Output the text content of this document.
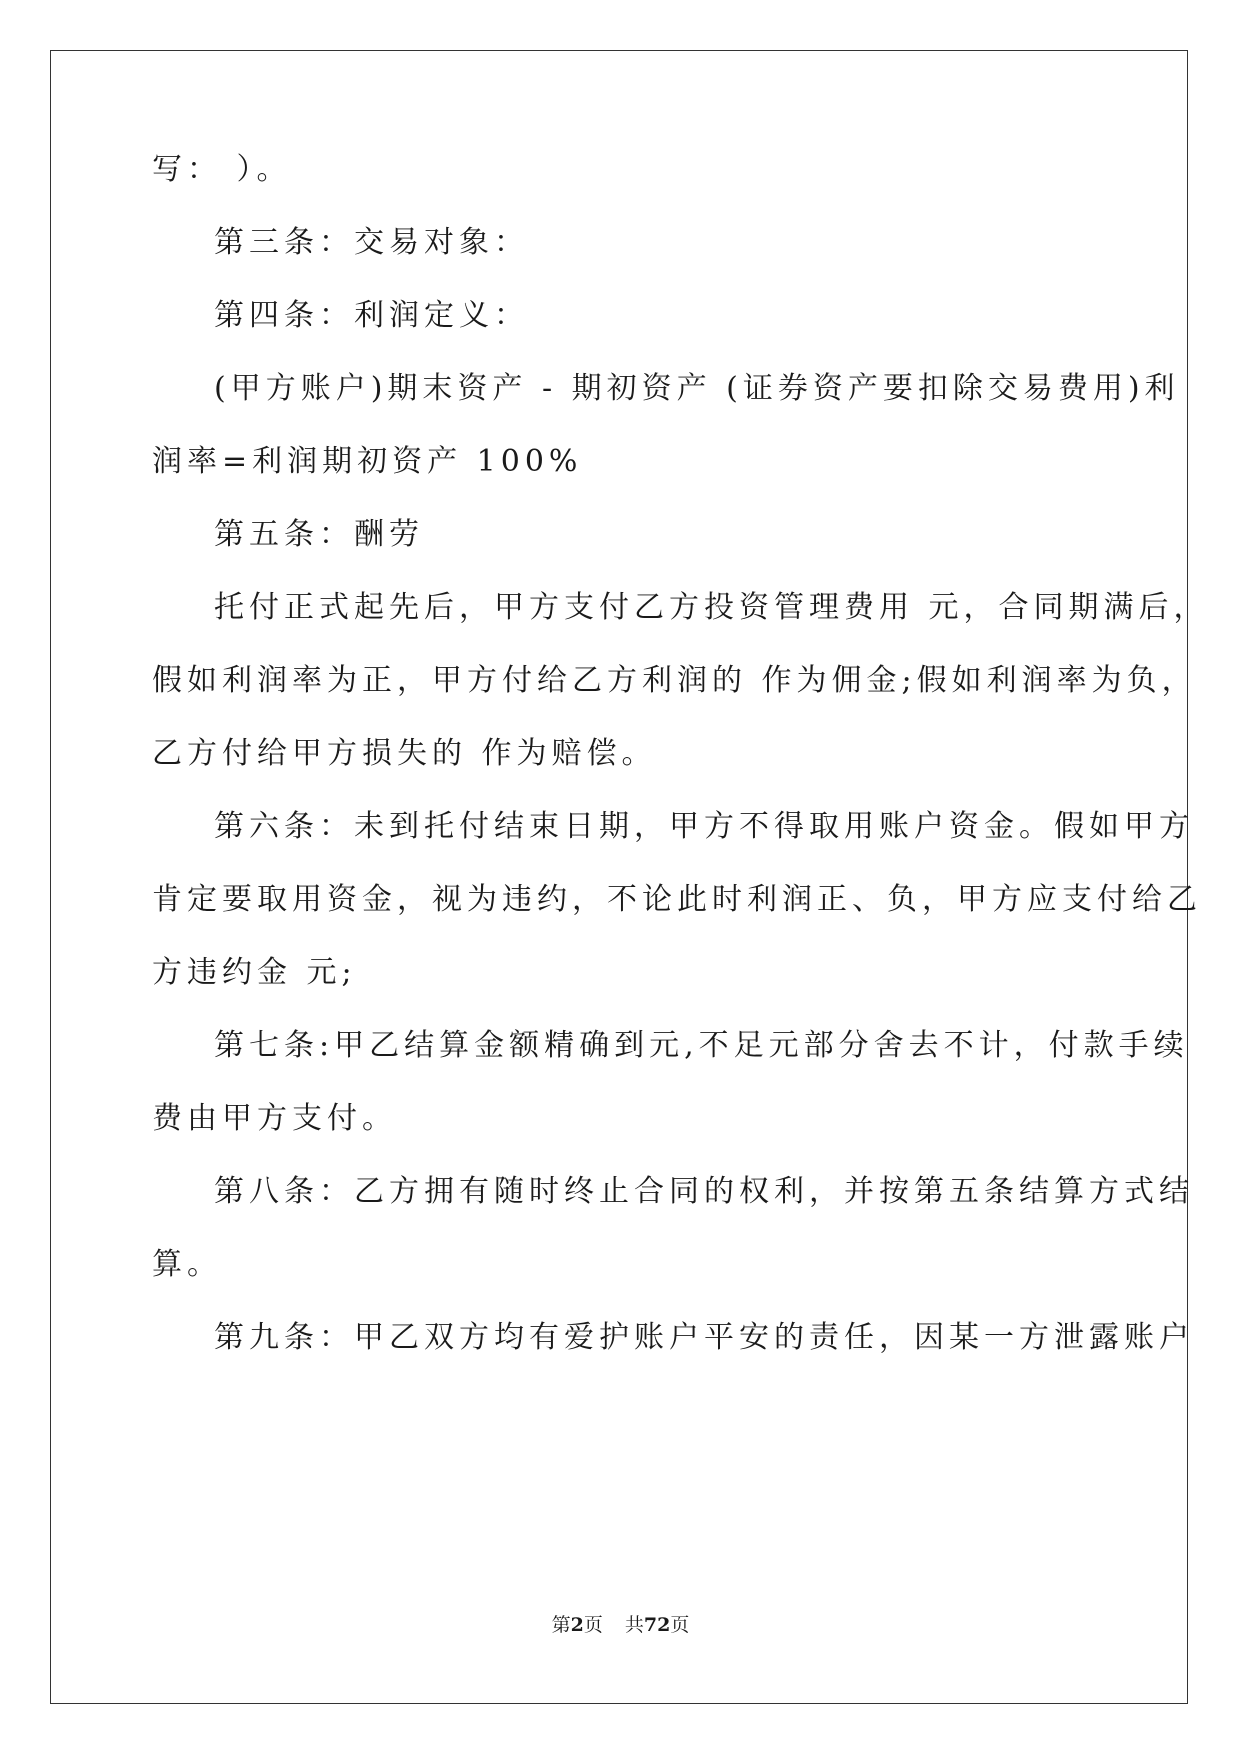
写： ）。
第三条：交易对象：
第四条：利润定义：
(甲方账户)期末资产 - 期初资产 (证券资产要扣除交易费用)利
润率=利润期初资产 100%
第五条：酬劳
托付正式起先后，甲方支付乙方投资管理费用 元，合同期满后，
假如利润率为正，甲方付给乙方利润的 作为佣金;假如利润率为负，
乙方付给甲方损失的 作为赔偿。
第六条：未到托付结束日期，甲方不得取用账户资金。假如甲方
肯定要取用资金，视为违约，不论此时利润正、负，甲方应支付给乙
方违约金 元;
第七条:甲乙结算金额精确到元,不足元部分舍去不计，付款手续
费由甲方支付。
第八条：乙方拥有随时终止合同的权利，并按第五条结算方式结
算。
第九条：甲乙双方均有爱护账户平安的责任，因某一方泄露账户
第2页 共72页
